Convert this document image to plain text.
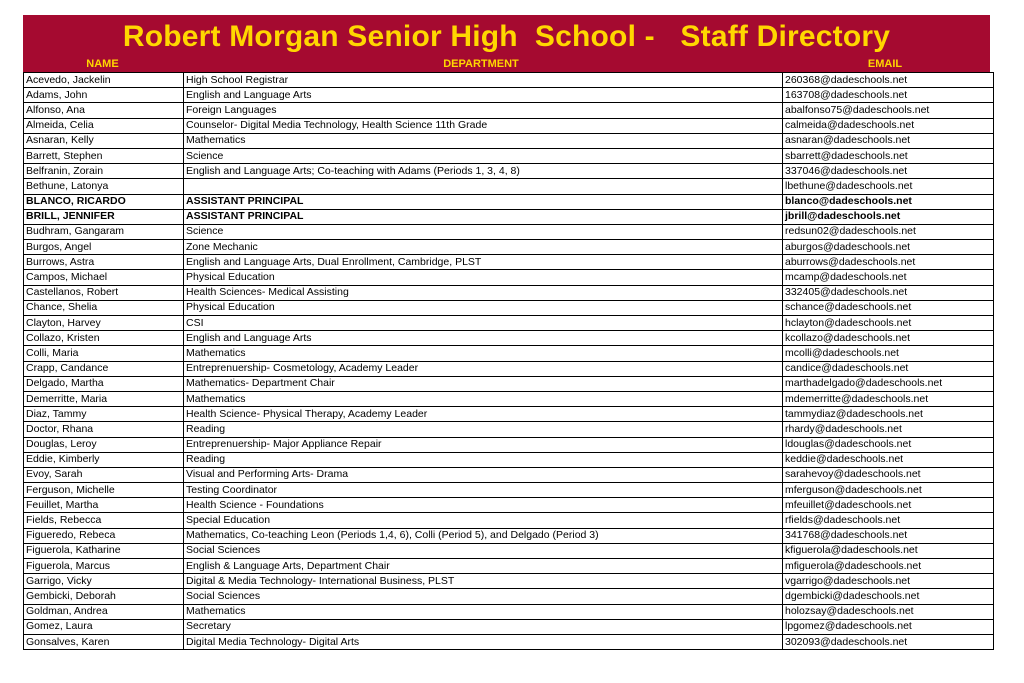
Robert Morgan Senior High  School -   Staff Directory
NAME	DEPARTMENT	EMAIL
Acevedo, Jackelin	High School Registrar	260368@dadeschools.net
Adams, John	English and Language Arts	163708@dadeschools.net
Alfonso, Ana	Foreign Languages	abalfonso75@dadeschools.net
Almeida, Celia	Counselor- Digital Media Technology, Health Science 11th Grade	calmeida@dadeschools.net
Asnaran, Kelly	Mathematics	asnaran@dadeschools.net
Barrett, Stephen	Science	sbarrett@dadeschools.net
Belfranin, Zorain	English and Language Arts; Co-teaching with Adams (Periods 1, 3, 4, 8)	337046@dadeschools.net
Bethune, Latonya		lbethune@dadeschools.net
BLANCO, RICARDO	ASSISTANT PRINCIPAL	blanco@dadeschools.net
BRILL, JENNIFER	ASSISTANT PRINCIPAL	jbrill@dadeschools.net
Budhram, Gangaram	Science	redsun02@dadeschools.net
Burgos, Angel	Zone Mechanic	aburgos@dadeschools.net
Burrows, Astra	English and Language Arts, Dual Enrollment, Cambridge, PLST	aburrows@dadeschools.net
Campos, Michael	Physical Education	mcamp@dadeschools.net
Castellanos, Robert	Health Sciences- Medical Assisting	332405@dadeschools.net
Chance, Shelia	Physical Education	schance@dadeschools.net
Clayton, Harvey	CSI	hclayton@dadeschools.net
Collazo, Kristen	English and Language Arts	kcollazo@dadeschools.net
Colli, Maria	Mathematics	mcolli@dadeschools.net
Crapp, Candance	Entreprenuership- Cosmetology, Academy Leader	candice@dadeschools.net
Delgado, Martha	Mathematics- Department Chair	marthadelgado@dadeschools.net
Demerritte, Maria	Mathematics	mdemerritte@dadeschools.net
Diaz, Tammy	Health Science- Physical Therapy, Academy Leader	tammydiaz@dadeschools.net
Doctor, Rhana	Reading	rhardy@dadeschools.net
Douglas, Leroy	Entreprenuership- Major Appliance Repair	ldouglas@dadeschools.net
Eddie, Kimberly	Reading	keddie@dadeschools.net
Evoy, Sarah	Visual and Performing Arts- Drama	sarahevoy@dadeschools.net
Ferguson, Michelle	Testing Coordinator	mferguson@dadeschools.net
Feuillet, Martha	Health Science - Foundations	mfeuillet@dadeschools.net
Fields, Rebecca	Special Education	rfields@dadeschools.net
Figueredo, Rebeca	Mathematics, Co-teaching Leon (Periods 1,4, 6), Colli (Period 5), and Delgado (Period 3)	341768@dadeschools.net
Figuerola, Katharine	Social Sciences	kfiguerola@dadeschools.net
Figuerola, Marcus	English & Language Arts, Department Chair	mfiguerola@dadeschools.net
Garrigo, Vicky	Digital & Media Technology- International Business, PLST	vgarrigo@dadeschools.net
Gembicki, Deborah	Social Sciences	dgembicki@dadeschools.net
Goldman, Andrea	Mathematics	holozsay@dadeschools.net
Gomez, Laura	Secretary	lpgomez@dadeschools.net
Gonsalves, Karen	Digital Media Technology- Digital Arts	302093@dadeschools.net
